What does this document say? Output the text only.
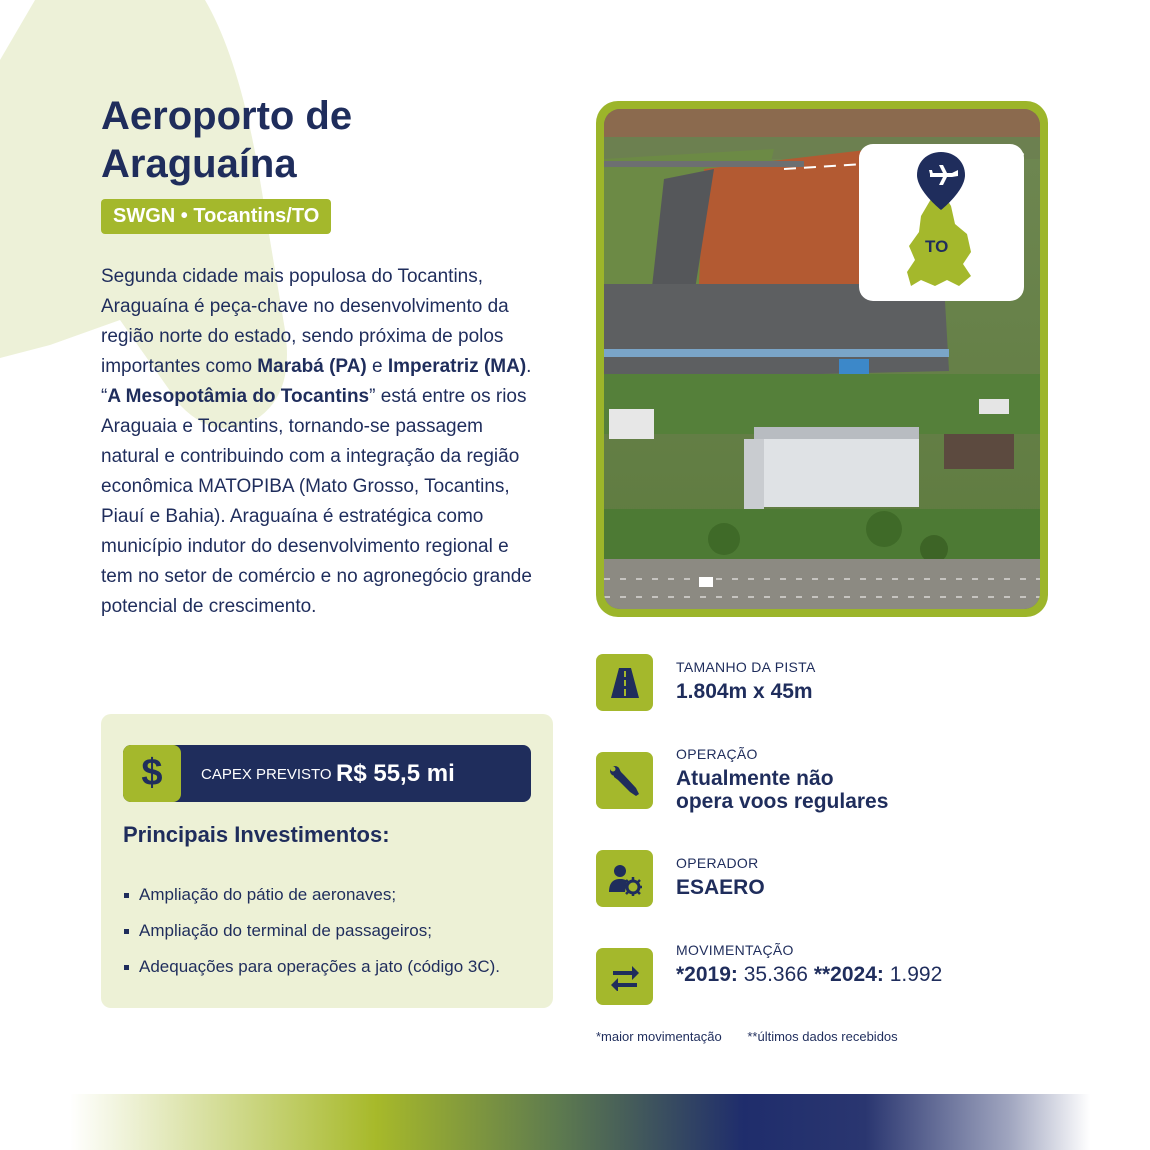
Aeroporto de
Araguaína
SWGN • Tocantins/TO

Segunda cidade mais populosa do Tocantins, Araguaína é peça-chave no desenvolvimento da região norte do estado, sendo próxima de polos importantes como Marabá (PA) e Imperatriz (MA). “A Mesopotâmia do Tocantins” está entre os rios Araguaia e Tocantins, tornando-se passagem natural e contribuindo com a integração da região econômica MATOPIBA (Mato Grosso, Tocantins, Piauí e Bahia). Araguaína é estratégica como município indutor do desenvolvimento regional e tem no setor de comércio e no agronegócio grande potencial de crescimento.

$	CAPEX PREVISTO R$ 55,5 mi
Principais Investimentos:
Ampliação do pátio de aeronaves;
Ampliação do terminal de passageiros;
Adequações para operações a jato (código 3C).
TO
TAMANHO DA PISTA
1.804m x 45m
OPERAÇÃO
Atualmente não
opera voos regulares
OPERADOR
ESAERO
MOVIMENTAÇÃO
*2019: 35.366 **2024: 1.992
*maior movimentação **últimos dados recebidos
